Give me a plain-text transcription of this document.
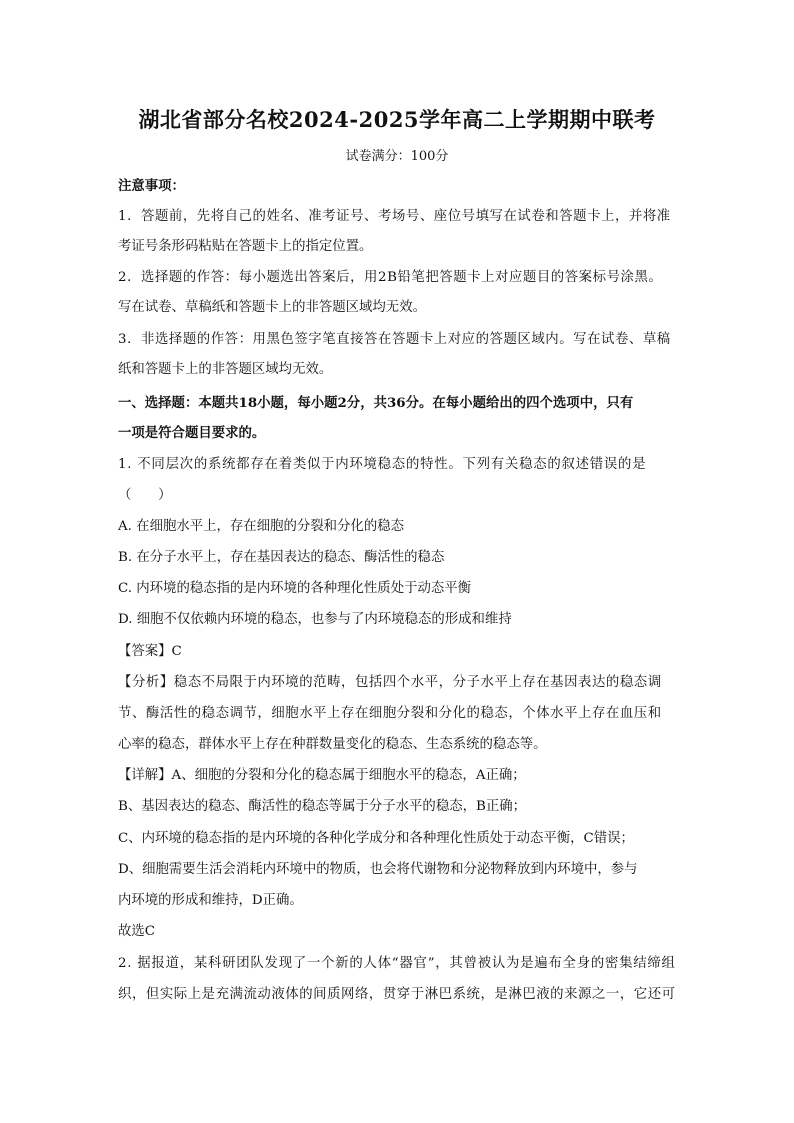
湖北省部分名校2024-2025学年高二上学期期中联考
试卷满分：100分
注意事项：
1．答题前，先将自己的姓名、准考证号、考场号、座位号填写在试卷和答题卡上，并将准
考证号条形码粘贴在答题卡上的指定位置。
2．选择题的作答：每小题选出答案后，用2B铅笔把答题卡上对应题目的答案标号涂黑。
写在试卷、草稿纸和答题卡上的非答题区域均无效。
3．非选择题的作答：用黑色签字笔直接答在答题卡上对应的答题区域内。写在试卷、草稿
纸和答题卡上的非答题区域均无效。
一、选择题：本题共18小题，每小题2分，共36分。在每小题给出的四个选项中，只有
一项是符合题目要求的。
1. 不同层次的系统都存在着类似于内环境稳态的特性。下列有关稳态的叙述错误的是
（　　）
A. 在细胞水平上，存在细胞的分裂和分化的稳态
B. 在分子水平上，存在基因表达的稳态、酶活性的稳态
C. 内环境的稳态指的是内环境的各种理化性质处于动态平衡
D. 细胞不仅依赖内环境的稳态，也参与了内环境稳态的形成和维持
【答案】C
【分析】稳态不局限于内环境的范畴，包括四个水平，分子水平上存在基因表达的稳态调
节、酶活性的稳态调节，细胞水平上存在细胞分裂和分化的稳态，个体水平上存在血压和
心率的稳态，群体水平上存在种群数量变化的稳态、生态系统的稳态等。
【详解】A、细胞的分裂和分化的稳态属于细胞水平的稳态，A正确；
B、基因表达的稳态、酶活性的稳态等属于分子水平的稳态，B正确；
C、内环境的稳态指的是内环境的各种化学成分和各种理化性质处于动态平衡，C错误；
D、细胞需要生活会消耗内环境中的物质，也会将代谢物和分泌物释放到内环境中，参与
内环境的形成和维持，D正确。
故选C
2. 据报道，某科研团队发现了一个新的人体“器官”，其曾被认为是遍布全身的密集结缔组
织，但实际上是充满流动液体的间质网络，贯穿于淋巴系统，是淋巴液的来源之一，它还可
